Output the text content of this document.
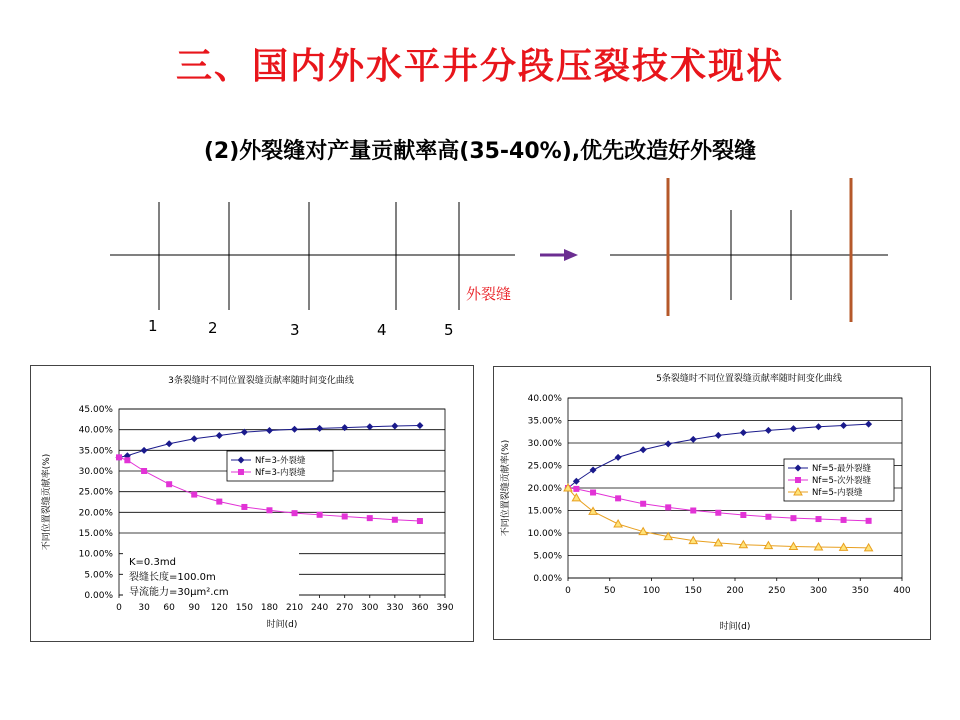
三、国内外水平井分段压裂技术现状
(2)外裂缝对产量贡献率高(35-40%),优先改造好外裂缝
1	2	3	4	5
外裂缝
3条裂缝时不同位置裂缝贡献率随时间变化曲线
0.00%
5.00%
10.00%
15.00%
20.00%
25.00%
30.00%
35.00%
40.00%
45.00%
0 30 60 90 120 150 180 210 240 270 300 330 360 390
时间(d)
不同位置裂缝贡献率(%)	Nf=3-外裂缝
Nf=3-内裂缝
K=0.3md
裂缝长度=100.0m
导流能力=30μm².cm
5条裂缝时不同位置裂缝贡献率随时间变化曲线
0.00%
5.00%
10.00%
15.00%
20.00%
25.00%
30.00%
35.00%
40.00%
0	50	100	150	200	250	300	350	400
时间(d)
不同位置裂缝贡献率(%)	Nf=5-最外裂缝
Nf=5-次外裂缝
Nf=5-内裂缝
